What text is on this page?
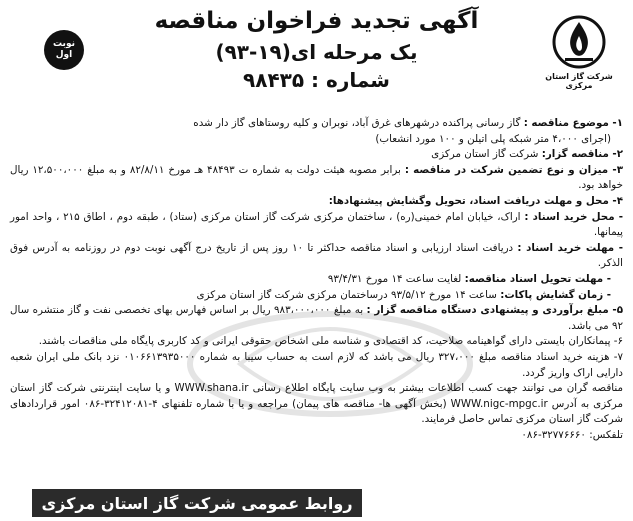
شرکت گاز استان مرکزی
آگهی تجدید فراخوان مناقصه
یک مرحله ای(۱۹-۹۳)
شماره : ۹۸۴۳۵
نوبت اول

۱- موضوع مناقصه : گاز رسانی پراکنده درشهرهای غرق آباد، نوبران و کلیه روستاهای گاز دار شده

(اجرای ۴،۰۰۰ متر شبکه پلی اتیلن و ۱۰۰ مورد انشعاب)

۲- مناقصه گزار: شرکت گاز استان مرکزی

۳- میزان و نوع تضمین شرکت در مناقصه : برابر مصوبه هیئت دولت به شماره ت ۴۸۴۹۳ هـ مورخ ۸۲/۸/۱۱ و به مبلغ ۱۲،۵۰۰،۰۰۰ ریال خواهد بود.

۴- محل و مهلت دریافت اسناد، تحویل وگشایش پیشنهادها:

- محل خرید اسناد : اراک، خیابان امام خمینی(ره) ، ساختمان مرکزی شرکت گاز استان مرکزی (ستاد) ، طبقه دوم ، اطاق ۲۱۵ ، واحد امور پیمانها.

- مهلت خرید اسناد : دریافت اسناد ارزیابی و اسناد مناقصه حداکثر تا ۱۰ روز پس از تاریخ درج آگهی نوبت دوم در روزنامه به آدرس فوق الذکر.

- مهلت تحویل اسناد مناقصه: لغایت ساعت ۱۴ مورخ ۹۳/۴/۳۱

- زمان گشایش پاکات: ساعت ۱۴ مورخ ۹۳/۵/۱۲ درساختمان مرکزی شرکت گاز استان مرکزی

۵- مبلغ برآوردی و پیشنهادی دستگاه مناقصه گزار : به مبلغ ۹۸۳،۰۰۰،۰۰۰ ریال بر اساس فهارس بهای تخصصی نفت و گاز منتشره سال ۹۲ می باشد.

۶- پیمانکاران بایستی دارای گواهینامه صلاحیت، کد اقتصادی و شناسه ملی اشخاص حقوقی ایرانی و کد کاربری پایگاه ملی مناقصات باشند.

۷- هزینه خرید اسناد مناقصه مبلغ ۳۲۷،۰۰۰ ریال می باشد که لازم است به حساب سیبا به شماره ۰۱۰۶۶۱۳۹۳۵۰۰۰ نزد بانک ملی ایران شعبه دارایی اراک واریز گردد.

مناقصه گران می توانند جهت کسب اطلاعات بیشتر به وب سایت پایگاه اطلاع رسانی WWW.shana.ir و یا سایت اینترنتی شرکت گاز استان مرکزی به آدرس WWW.nigc-mpgc.ir (بخش آگهی ها- مناقصه های پیمان) مراجعه و یا با شماره تلفنهای ۴-۳۲۴۱۲۰۸۱-۰۸۶ امور قراردادهای شرکت گاز استان مرکزی تماس حاصل فرمایند.

تلفکس: ۳۲۷۷۶۶۶۰-۰۸۶

روابط عمومی شرکت گاز استان مرکزی
